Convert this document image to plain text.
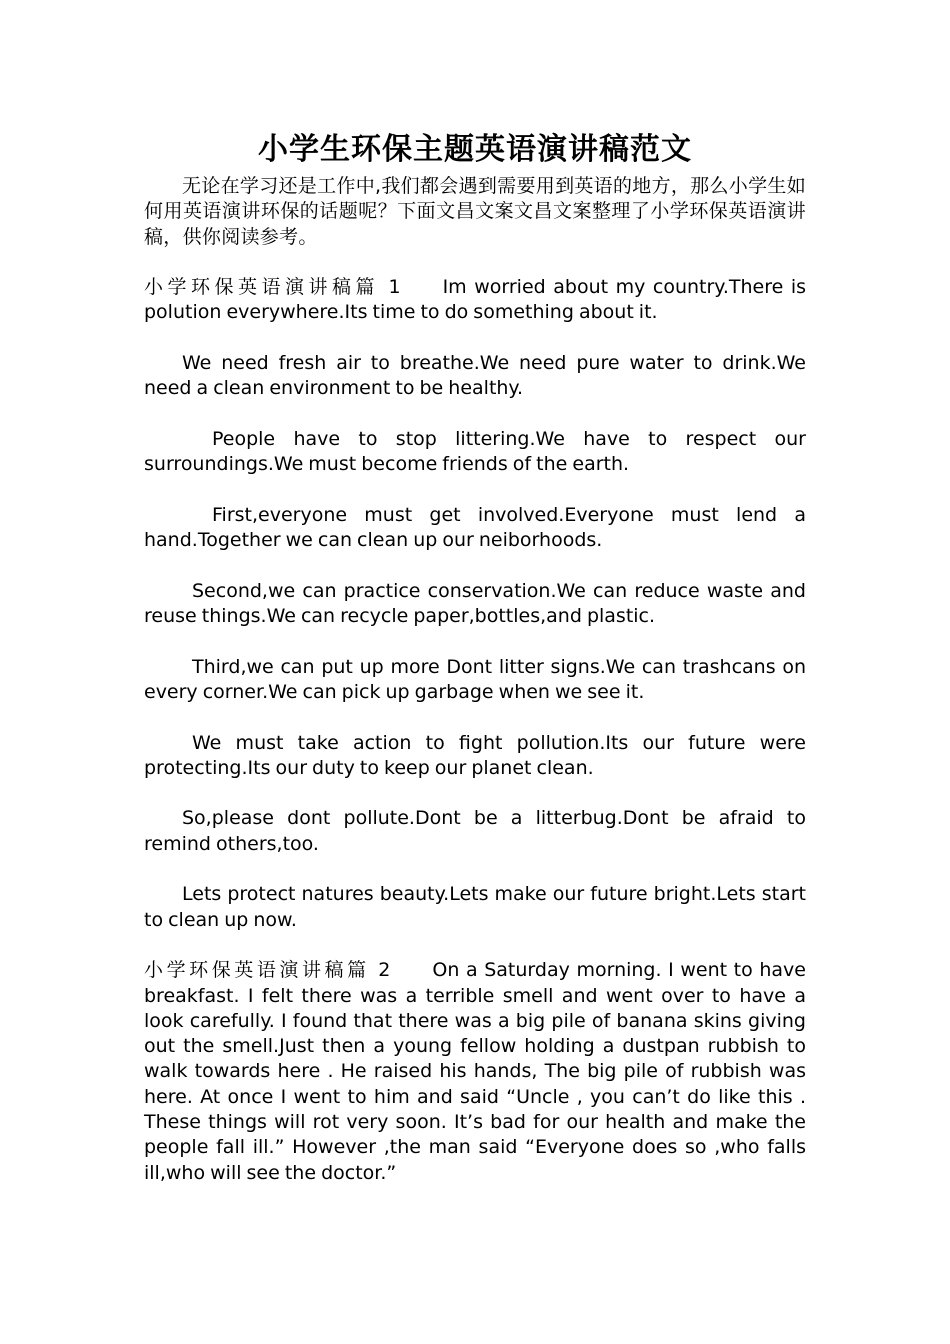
小学生环保主题英语演讲稿范文

无论在学习还是工作中,我们都会遇到需要用到英语的地方，那么小学生如何用英语演讲环保的话题呢？下面文昌文案文昌文案整理了小学环保英语演讲稿，供你阅读参考。

小学环保英语演讲稿篇 1 Im worried about my country.There is polution everywhere.Its time to do something about it.

We need fresh air to breathe.We need pure water to drink.We need a clean environment to be healthy.

People have to stop littering.We have to respect our surroundings.We must become friends of the earth.

First,everyone must get involved.Everyone must lend a hand.Together we can clean up our neiborhoods.

Second,we can practice conservation.We can reduce waste and reuse things.We can recycle paper,bottles,and plastic.

Third,we can put up more Dont litter signs.We can trashcans on every corner.We can pick up garbage when we see it.

We must take action to fight pollution.Its our future were protecting.Its our duty to keep our planet clean.

So,please dont pollute.Dont be a litterbug.Dont be afraid to remind others,too.

Lets protect natures beauty.Lets make our future bright.Lets start to clean up now.

小学环保英语演讲稿篇 2 On a Saturday morning. I went to have breakfast. I felt there was a terrible smell and went over to have a look carefully. I found that there was a big pile of banana skins giving out the smell.Just then a young fellow holding a dustpan rubbish to walk towards here . He raised his hands, The big pile of rubbish was here. At once I went to him and said “Uncle , you can’t do like this . These things will rot very soon. It’s bad for our health and make the people fall ill.” However ,the man said “Everyone does so ,who falls ill,who will see the doctor.”
